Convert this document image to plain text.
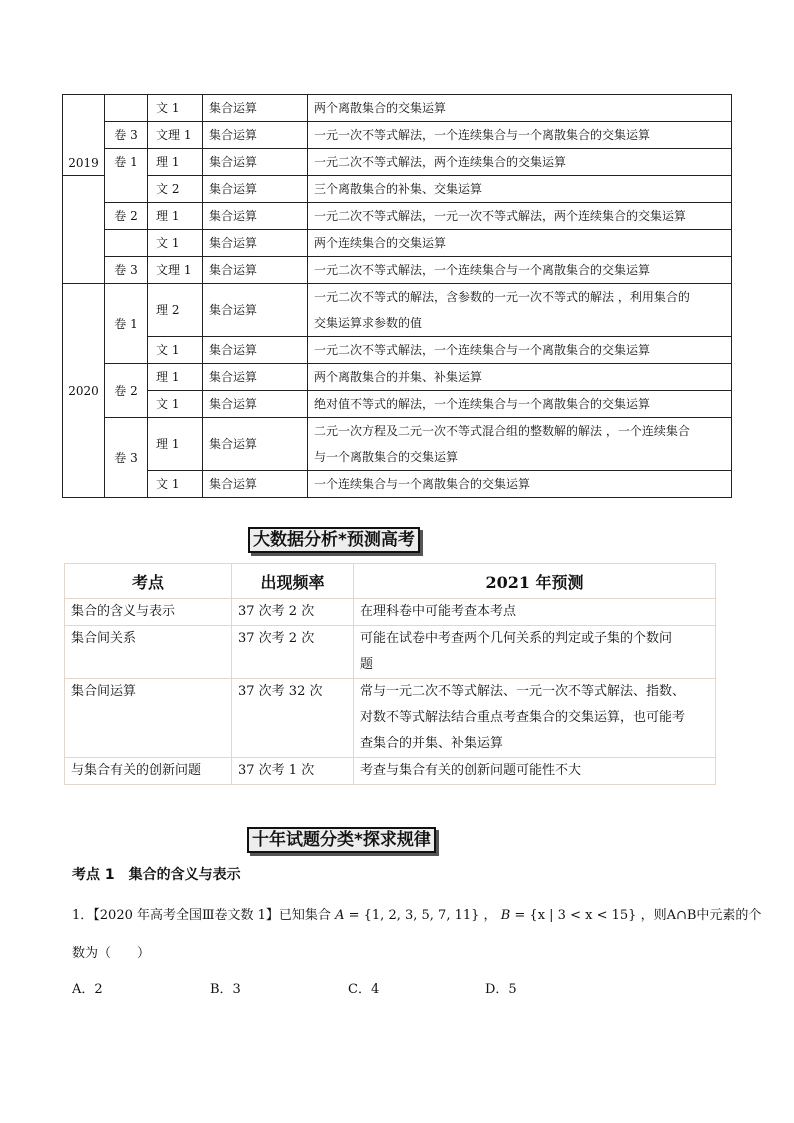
		文 1	集合运算	两个离散集合的交集运算
	卷 3	文理 1	集合运算	一元一次不等式解法，一个连续集合与一个离散集合的交集运算
	卷 1	理 1	集合运算	一元二次不等式解法，两个连续集合的交集运算
2019		文 2	集合运算	三个离散集合的补集、交集运算
	卷 2	理 1	集合运算	一元二次不等式解法，一元一次不等式解法，两个连续集合的交集运算
		文 1	集合运算	两个连续集合的交集运算
	卷 3	文理 1	集合运算	一元二次不等式解法，一个连续集合与一个离散集合的交集运算
2020	卷 1	理 2	集合运算	一元二次不等式的解法，含参数的一元一次不等式的解法 ，利用集合的
交集运算求参数的值

		文 1	集合运算	一元二次不等式解法，一个连续集合与一个离散集合的交集运算
	卷 2	理 1	集合运算	两个离散集合的并集、补集运算
		文 1	集合运算	绝对值不等式的解法，一个连续集合与一个离散集合的交集运算
	卷 3	理 1	集合运算	二元一次方程及二元一次不等式混合组的整数解的解法 ，一个连续集合
与一个离散集合的交集运算

		文 1	集合运算	一个连续集合与一个离散集合的交集运算
大数据分析*预测高考
考点	出现频率	2021 年预测
集合的含义与表示	37 次考 2 次	在理科卷中可能考查本考点

集合间关系	37 次考 2 次	可能在试卷中考查两个几何关系的判定或子集的个数问
题

集合间运算	37 次考 32 次	常与一元二次不等式解法、一元一次不等式解法、指数、
对数不等式解法结合重点考查集合的交集运算，也可能考
查集合的并集、补集运算

与集合有关的创新问题	37 次考 1 次	考查与集合有关的创新问题可能性不大
十年试题分类*探求规律
考点 1　集合的含义与表示
1．【2020 年高考全国Ⅲ卷文数 1】已知集合 A = {1, 2, 3, 5, 7, 11} ， B = {x | 3 < x < 15} ，则A∩B中元素的个
数为（　　）
A．2	B．3	C．4	D．5
